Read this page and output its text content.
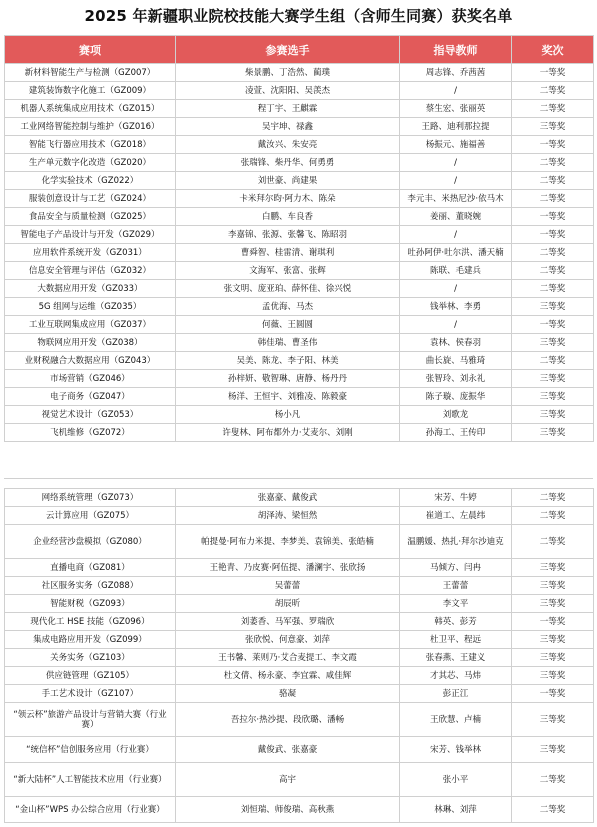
2025 年新疆职业院校技能大赛学生组（含师生同赛）获奖名单
赛项	参赛选手	指导教师	奖次
新材料智能生产与检测（GZ007）	柴景鹏、丁浩然、蔺璞	周志锋、乔茜茜	一等奖
建筑装饰数字化施工（GZ009）	凌萱、沈阳阳、吴羡杰	/	二等奖
机器人系统集成应用技术（GZ015）	程丁宇、王麒霖	蔡生宏、张丽英	二等奖
工业网络智能控制与维护（GZ016）	吴宇坤、禄鑫	王路、迪利那拉提	三等奖
智能飞行器应用技术（GZ018）	戴汝兴、朱安亮	杨振元、施福善	一等奖
生产单元数字化改造（GZ020）	张瑞锋、柴丹华、何勇勇	/	二等奖
化学实验技术（GZ022）	刘世豪、尚建果	/	二等奖
服装创意设计与工艺（GZ024）	卡米拜尔昀·阿力木、陈朵	李元丰、米热尼沙·依马木	二等奖
食品安全与质量检测（GZ025）	白鹏、车良香	姜丽、董晓婉	一等奖
智能电子产品设计与开发（GZ029）	李嘉锦、张源、张馨飞、陈昭羽	/	一等奖
应用软件系统开发（GZ031）	曹舜智、桂雷清、谢琪利	吐孙阿伊·吐尔洪、潘天楠	二等奖
信息安全管理与评估（GZ032）	文海军、张富、张辉	陈联、毛建兵	二等奖
大数据应用开发（GZ033）	张文明、庞亚珀、薛怀佳、徐兴悦	/	二等奖
5G 组网与运维（GZ035）	孟优海、马杰	钱举林、李勇	三等奖
工业互联网集成应用（GZ037）	何薇、王圆圆	/	一等奖
物联网应用开发（GZ038）	韩佳瑞、曹圣伟	袁林、侯春羽	三等奖
业财税融合大数据应用（GZ043）	吴美、陈龙、李子阳、林美	曲长旋、马雅琦	二等奖
市场营销（GZ046）	孙梓妍、敬智琳、唐静、杨丹丹	张智玲、刘永礼	三等奖
电子商务（GZ047）	杨洋、王恒宇、刘雅凌、陈毅豪	陈子璇、庞振华	三等奖
视觉艺术设计（GZ053）	杨小凡	刘歌龙	三等奖
飞机维修（GZ072）	许叟林、阿布都外力·艾麦尔、刘刚	孙海工、王传印	三等奖
网络系统管理（GZ073）	张嘉豪、戴俊武	宋芳、牛婷	二等奖
云计算应用（GZ075）	胡泽涛、梁恒然	崔道工、左晨纬	二等奖
企业经营沙盘模拟（GZ080）	帕提曼·阿布力米提、李梦美、袁锦美、张皓楠	温鹏媛、热扎·拜尔沙迪克	二等奖
直播电商（GZ081）	王艳青、乃皮赛·阿伍提、潘澜宇、张欣扬	马倾方、闫冉	三等奖
社区服务实务（GZ088）	吴蕾蕾	王蕾蕾	三等奖
智能财税（GZ093）	胡辰昕	李文平	三等奖
现代化工 HSE 技能（GZ096）	刘萎香、马军强、罗瑞欣	韩英、彭芳	一等奖
集成电路应用开发（GZ099）	张欣悦、何意豪、刘萍	杜卫平、程远	三等奖
关务实务（GZ103）	王书馨、莱则乃·艾合麦提工、李文霞	张春燕、王建义	三等奖
供应链管理（GZ105）	杜文倩、杨永豪、李宜霖、咸佳辉	才其芯、马炜	三等奖
手工艺术设计（GZ107）	骆凝	彭正江	一等奖
“领云杯”旅游产品设计与营销大赛（行业赛）	吾拉尔·热沙提、段欣璐、潘畅	王欣慧、卢楠	三等奖
“统信杯”信创服务应用（行业赛）	戴俊武、张嘉豪	宋芳、钱举林	三等奖
“新大陆杯”人工智能技术应用（行业赛）	高宇	张小平	二等奖
“金山杯”WPS 办公综合应用（行业赛）	刘恒瑞、师俊瑞、高秋燕	林琳、刘萍	二等奖
